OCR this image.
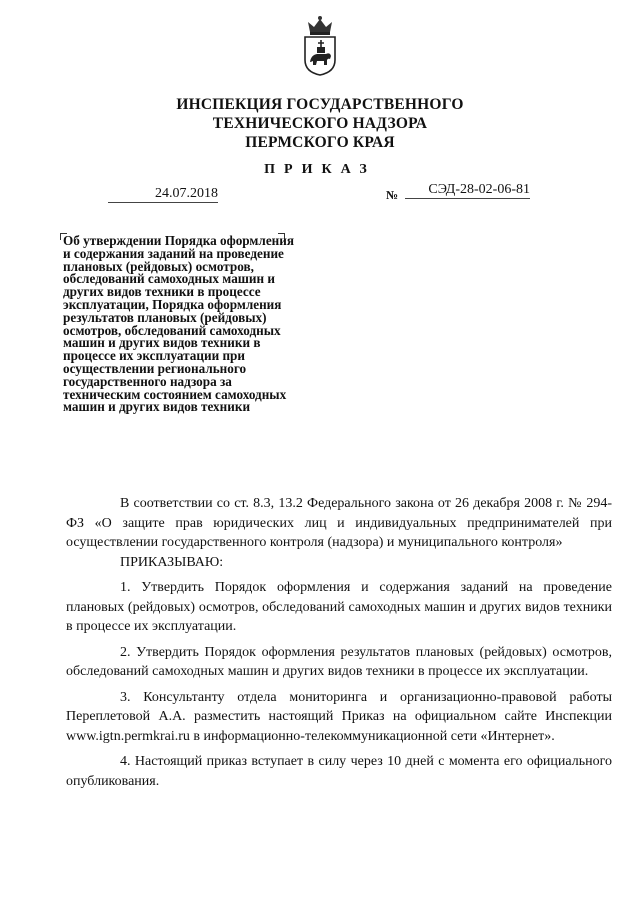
ИНСПЕКЦИЯ ГОСУДАРСТВЕННОГО
ТЕХНИЧЕСКОГО НАДЗОРА
ПЕРМСКОГО КРАЯ
ПРИКАЗ
24.07.2018	№	СЭД-28-02-06-81
Об утверждении Порядка оформления и содержания заданий на проведение плановых (рейдовых) осмотров, обследований самоходных машин и других видов техники в процессе эксплуатации, Порядка оформления результатов плановых (рейдовых) осмотров, обследований самоходных машин и других видов техники в процессе их эксплуатации при осуществлении регионального государственного надзора за техническим состоянием самоходных машин и других видов техники

В соответствии со ст. 8.3, 13.2 Федерального закона от 26 декабря 2008 г. № 294-ФЗ «О защите прав юридических лиц и индивидуальных предпринимателей при осуществлении государственного контроля (надзора) и муниципального контроля»

ПРИКАЗЫВАЮ:

1. Утвердить Порядок оформления и содержания заданий на проведение плановых (рейдовых) осмотров, обследований самоходных машин и других видов техники в процессе их эксплуатации.

2. Утвердить Порядок оформления результатов плановых (рейдовых) осмотров, обследований самоходных машин и других видов техники в процессе их эксплуатации.

3. Консультанту отдела мониторинга и организационно-правовой работы Переплетовой А.А. разместить настоящий Приказ на официальном сайте Инспекции www.igtn.permkrai.ru в информационно-телекоммуникационной сети «Интернет».

4. Настоящий приказ вступает в силу через 10 дней с момента его официального опубликования.
